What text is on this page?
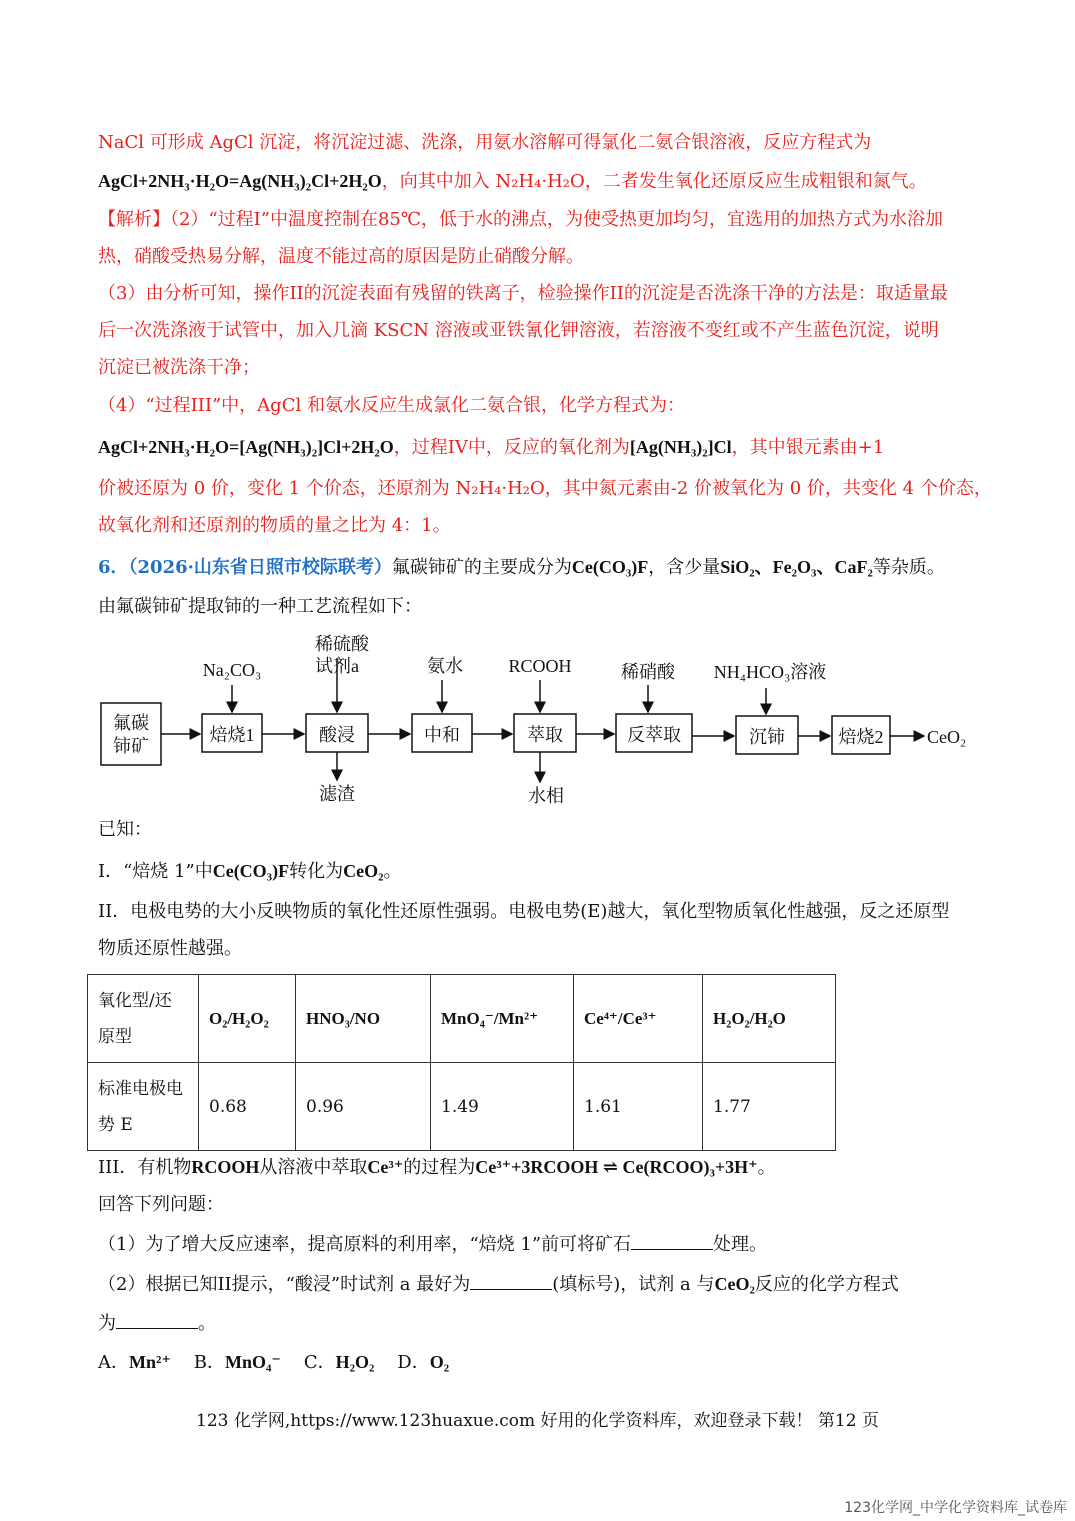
NaCl 可形成 AgCl 沉淀，将沉淀过滤、洗涤，用氨水溶解可得氯化二氨合银溶液，反应方程式为
AgCl+2NH₃·H₂O=Ag(NH₃)₂Cl+2H₂O，向其中加入 N₂H₄·H₂O，二者发生氧化还原反应生成粗银和氮气。
【解析】（2）“过程I”中温度控制在85℃，低于水的沸点，为使受热更加均匀，宜选用的加热方式为水浴加
热，硝酸受热易分解，温度不能过高的原因是防止硝酸分解。
（3）由分析可知，操作II的沉淀表面有残留的铁离子，检验操作II的沉淀是否洗涤干净的方法是：取适量最
后一次洗涤液于试管中，加入几滴 KSCN 溶液或亚铁氰化钾溶液，若溶液不变红或不产生蓝色沉淀，说明
沉淀已被洗涤干净；
（4）“过程III”中，AgCl 和氨水反应生成氯化二氨合银，化学方程式为：
AgCl+2NH₃·H₂O=[Ag(NH₃)₂]Cl+2H₂O，过程IV中，反应的氧化剂为[Ag(NH₃)₂]Cl，其中银元素由+1
价被还原为 0 价，变化 1 个价态，还原剂为 N₂H₄·H₂O，其中氮元素由-2 价被氧化为 0 价，共变化 4 个价态，
故氧化剂和还原剂的物质的量之比为 4：1。
6．（2026·山东省日照市校际联考）氟碳铈矿的主要成分为Ce(CO₃)F，含少量SiO₂、Fe₂O₃、CaF₂等杂质。
由氟碳铈矿提取铈的一种工艺流程如下：
氟碳
铈矿
焙烧1	酸浸	中和	萃取	反萃取	沉铈	焙烧2
Na₂CO₃
稀硫酸
试剂a	氨水	RCOOH	稀硝酸 NH₄HCO₃溶液
滤渣	水相
CeO₂
已知：
I．“焙烧 1”中Ce(CO₃)F转化为CeO₂。
II．电极电势的大小反映物质的氧化性还原性强弱。电极电势(E)越大，氧化型物质氧化性越强，反之还原型
物质还原性越强。
氧化型/还原型	O₂/H₂O₂	HNO₃/NO	MnO₄⁻/Mn²⁺	Ce⁴⁺/Ce³⁺	H₂O₂/H₂O
标准电极电势 E	0.68	0.96	1.49	1.61	1.77
III．有机物RCOOH从溶液中萃取Ce³⁺的过程为Ce³⁺+3RCOOH ⇌ Ce(RCOO)₃+3H⁺。
回答下列问题：
（1）为了增大反应速率，提高原料的利用率，“焙烧 1”前可将矿石	处理。
（2）根据已知II提示，“酸浸”时试剂 a 最好为	(填标号)，试剂 a 与CeO₂反应的化学方程式
为	。
A．Mn²⁺ B．MnO₄⁻ C．H₂O₂ D．O₂
123 化学网,https://www.123huaxue.com 好用的化学资料库，欢迎登录下载！ 第12 页
123化学网_中学化学资料库_试卷库
